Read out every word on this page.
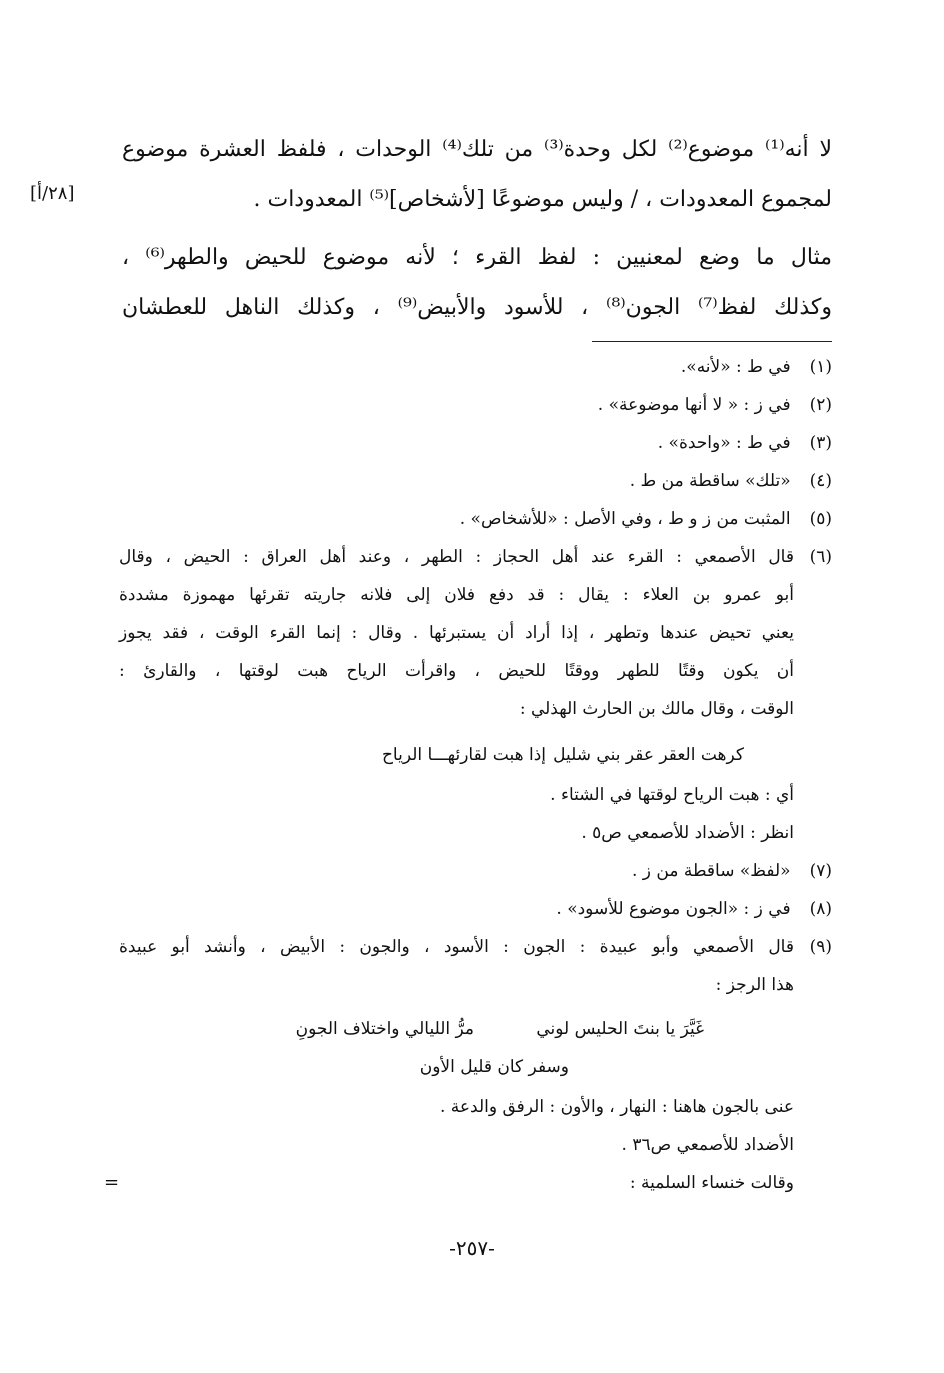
لا أنه⁽¹⁾ موضوع⁽²⁾ لكل وحدة⁽³⁾ من تلك⁽⁴⁾ الوحدات ، فلفظ العشرة موضوع
لمجموع المعدودات ، / وليس موضوعًا [لأشخاص]⁽⁵⁾ المعدودات .
[٢٨/أ]
مثال ما وضع لمعنيين : لفظ القرء ؛ لأنه موضوع للحيض والطهر⁽⁶⁾ ،
وكذلك لفظ⁽⁷⁾ الجون⁽⁸⁾ ، للأسود والأبيض⁽⁹⁾ ، وكذلك الناهل للعطشان
(١) في ط : «لأنه».
(٢) في ز : « لا أنها موضوعة» .
(٣) في ط : «واحدة» .
(٤) «تلك» ساقطة من ط .
(٥) المثبت من ز و ط ، وفي الأصل : «للأشخاص» .
(٦)
قال الأصمعي : القرء عند أهل الحجاز : الطهر ، وعند أهل العراق : الحيض ، وقال
أبو عمرو بن العلاء : يقال : قد دفع فلان إلى فلانه جاريته تقرئها مهموزة مشددة
يعني تحيض عندها وتطهر ، إذا أراد أن يستبرئها . وقال : إنما القرء الوقت ، فقد يجوز
أن يكون وقتًا للطهر ووقتًا للحيض ، واقرأت الرياح هبت لوقتها ، والقارئ :
الوقت ، وقال مالك بن الحارث الهذلي :
كرهت العقر عقر بني شليل
إذا هبت لقارئهـــا الرياح
أي : هبت الرياح لوقتها في الشتاء .
انظر : الأضداد للأصمعي ص٥ .
(٧) «لفظ» ساقطة من ز .
(٨) في ز : «الجون موضوع للأسود» .
(٩)
قال الأصمعي وأبو عبيدة : الجون : الأسود ، والجون : الأبيض ، وأنشد أبو عبيدة
هذا الرجز :
غَيَّرَ يا بنتَ الحليس لوني
مرُّ الليالي واختلاف الجونِ
وسفر كان قليل الأون
عنى بالجون هاهنا : النهار ، والأون : الرفق والدعة .
الأضداد للأصمعي ص٣٦ .
وقالت خنساء السلمية :
=
-٢٥٧-
